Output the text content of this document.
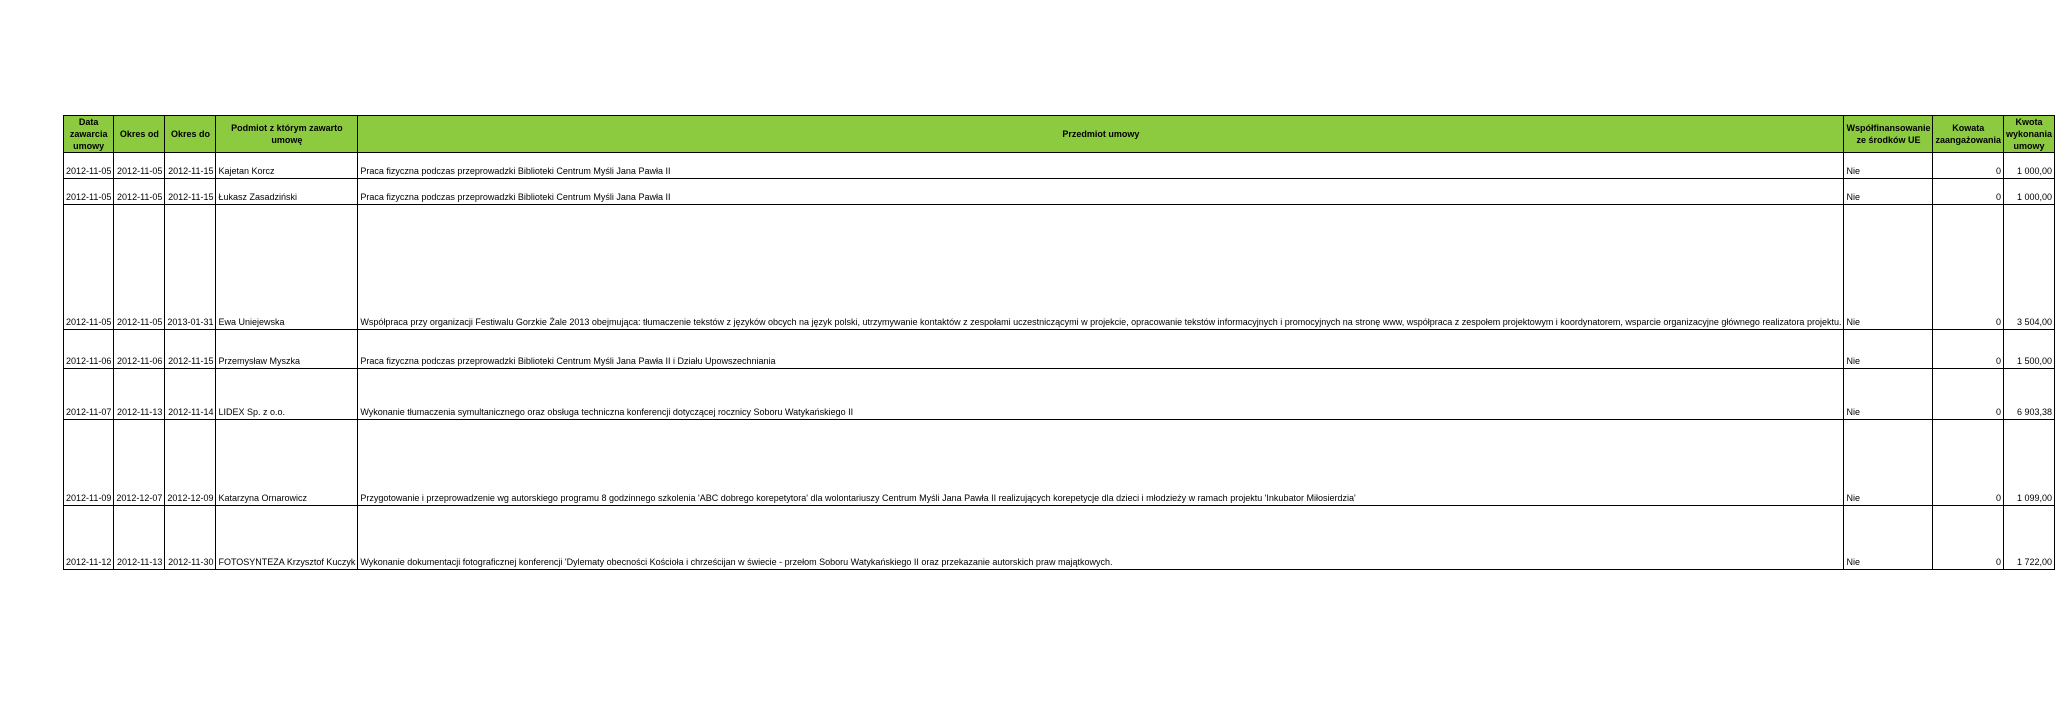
Data zawarcia umowy	Okres od	Okres do	Podmiot z którym zawarto umowę	Przedmiot umowy	Współfinansowanie ze środków UE	Kowata zaangażowania	Kwota wykonania umowy
2012-11-05	2012-11-05	2012-11-15	Kajetan Korcz	Praca fizyczna podczas przeprowadzki Biblioteki Centrum Myśli Jana Pawła II	Nie	0	1 000,00
2012-11-05	2012-11-05	2012-11-15	Łukasz Zasadziński	Praca fizyczna podczas przeprowadzki Biblioteki Centrum Myśli Jana Pawła II	Nie	0	1 000,00
2012-11-05	2012-11-05	2013-01-31	Ewa Uniejewska	Współpraca przy organizacji Festiwalu Gorzkie Żale 2013 obejmująca: tłumaczenie tekstów z języków obcych na język polski, utrzymywanie kontaktów z zespołami uczestniczącymi w projekcie, opracowanie tekstów informacyjnych i promocyjnych na stronę www, współpraca z zespołem projektowym i koordynatorem, wsparcie organizacyjne głównego realizatora projektu.	Nie	0	3 504,00
2012-11-06	2012-11-06	2012-11-15	Przemysław Myszka	Praca fizyczna podczas przeprowadzki Biblioteki Centrum Myśli Jana Pawła II i Działu Upowszechniania	Nie	0	1 500,00
2012-11-07	2012-11-13	2012-11-14	LIDEX Sp. z o.o.	Wykonanie tłumaczenia symultanicznego oraz obsługa techniczna konferencji dotyczącej rocznicy Soboru Watykańskiego II	Nie	0	6 903,38
2012-11-09	2012-12-07	2012-12-09	Katarzyna Ornarowicz	Przygotowanie i przeprowadzenie wg autorskiego programu 8 godzinnego szkolenia 'ABC dobrego korepetytora' dla wolontariuszy Centrum Myśli Jana Pawła II realizujących korepetycje dla dzieci i młodzieży w ramach projektu 'Inkubator Miłosierdzia'	Nie	0	1 099,00
2012-11-12	2012-11-13	2012-11-30	FOTOSYNTEZA Krzysztof Kuczyk	Wykonanie dokumentacji fotograficznej konferencji 'Dylematy obecności Kościoła i chrześcijan w świecie - przełom Soboru Watykańskiego II oraz przekazanie autorskich praw majątkowych.	Nie	0	1 722,00
